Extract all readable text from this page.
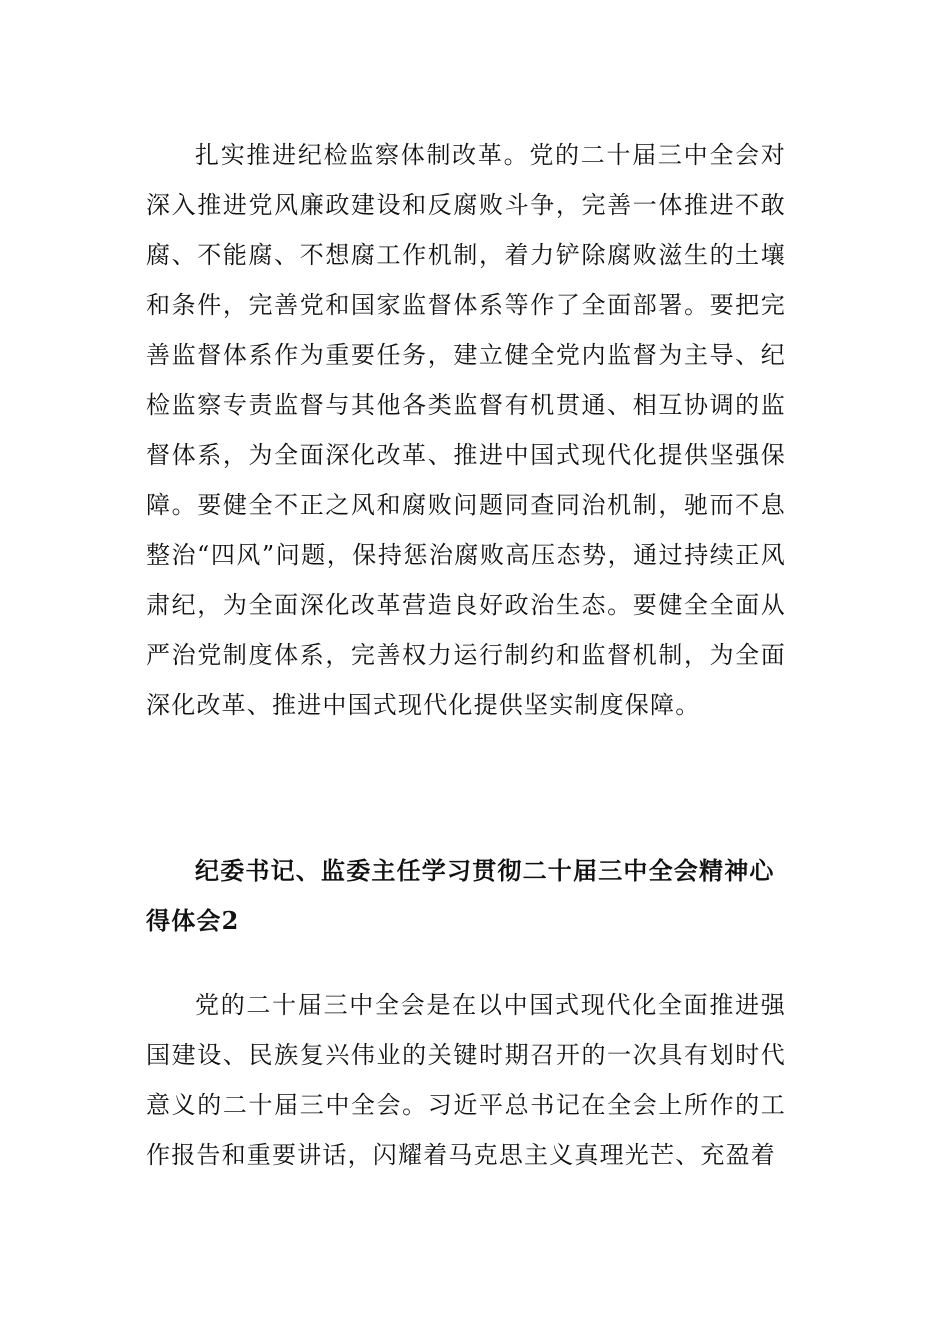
扎实推进纪检监察体制改革。党的二十届三中全会对深入推进党风廉政建设和反腐败斗争，完善一体推进不敢腐、不能腐、不想腐工作机制，着力铲除腐败滋生的土壤和条件，完善党和国家监督体系等作了全面部署。要把完善监督体系作为重要任务，建立健全党内监督为主导、纪检监察专责监督与其他各类监督有机贯通、相互协调的监督体系，为全面深化改革、推进中国式现代化提供坚强保障。要健全不正之风和腐败问题同查同治机制，驰而不息整治“四风”问题，保持惩治腐败高压态势，通过持续正风肃纪，为全面深化改革营造良好政治生态。要健全全面从严治党制度体系，完善权力运行制约和监督机制，为全面深化改革、推进中国式现代化提供坚实制度保障。

纪委书记、监委主任学习贯彻二十届三中全会精神心得体会2

党的二十届三中全会是在以中国式现代化全面推进强国建设、民族复兴伟业的关键时期召开的一次具有划时代意义的二十届三中全会。习近平总书记在全会上所作的工作报告和重要讲话，闪耀着马克思主义真理光芒、充盈着
